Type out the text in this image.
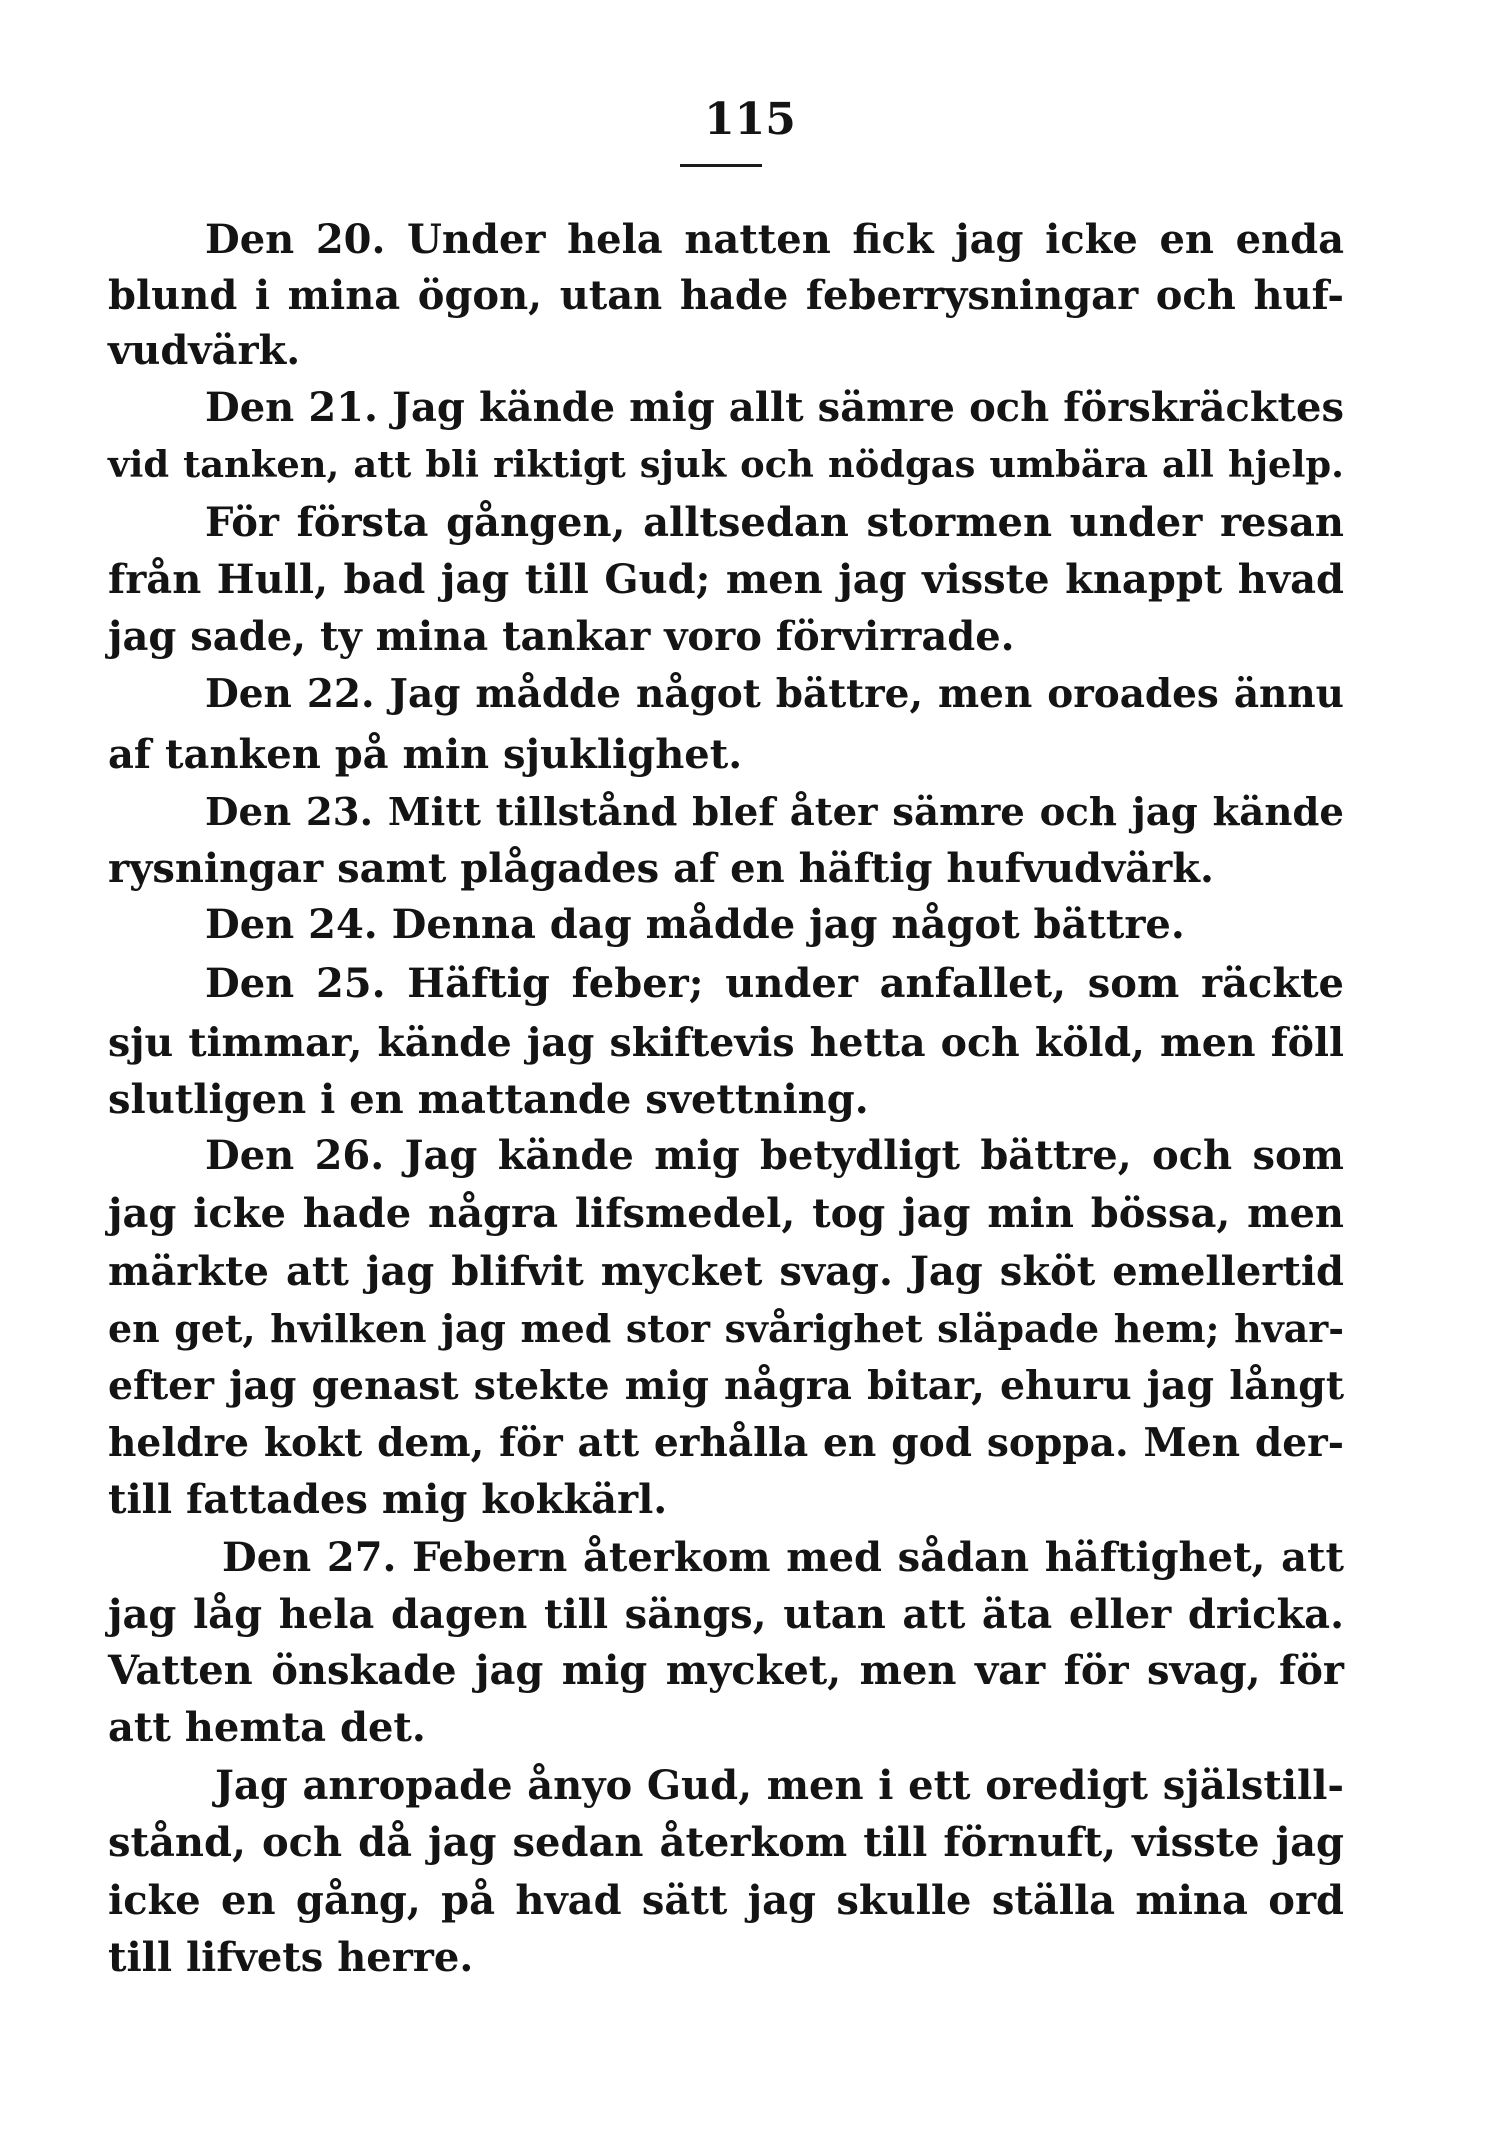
115
Den 20. Under hela natten fick jag icke en enda
blund i mina ögon, utan hade feberrysningar och huf-
vudvärk.
Den 21. Jag kände mig allt sämre och förskräcktes
vid tanken, att bli riktigt sjuk och nödgas umbära all hjelp.
För första gången, alltsedan stormen under resan
från Hull, bad jag till Gud; men jag visste knappt hvad
jag sade, ty mina tankar voro förvirrade.
Den 22. Jag mådde något bättre, men oroades ännu
af tanken på min sjuklighet.
Den 23. Mitt tillstånd blef åter sämre och jag kände
rysningar samt plågades af en häftig hufvudvärk.
Den 24. Denna dag mådde jag något bättre.
Den 25. Häftig feber; under anfallet, som räckte
sju timmar, kände jag skiftevis hetta och köld, men föll
slutligen i en mattande svettning.
Den 26. Jag kände mig betydligt bättre, och som
jag icke hade några lifsmedel, tog jag min bössa, men
märkte att jag blifvit mycket svag. Jag sköt emellertid
en get, hvilken jag med stor svårighet släpade hem; hvar-
efter jag genast stekte mig några bitar, ehuru jag långt
heldre kokt dem, för att erhålla en god soppa. Men der-
till fattades mig kokkärl.
Den 27. Febern återkom med sådan häftighet, att
jag låg hela dagen till sängs, utan att äta eller dricka.
Vatten önskade jag mig mycket, men var för svag, för
att hemta det.
Jag anropade ånyo Gud, men i ett oredigt själstill-
stånd, och då jag sedan återkom till förnuft, visste jag
icke en gång, på hvad sätt jag skulle ställa mina ord
till lifvets herre.
